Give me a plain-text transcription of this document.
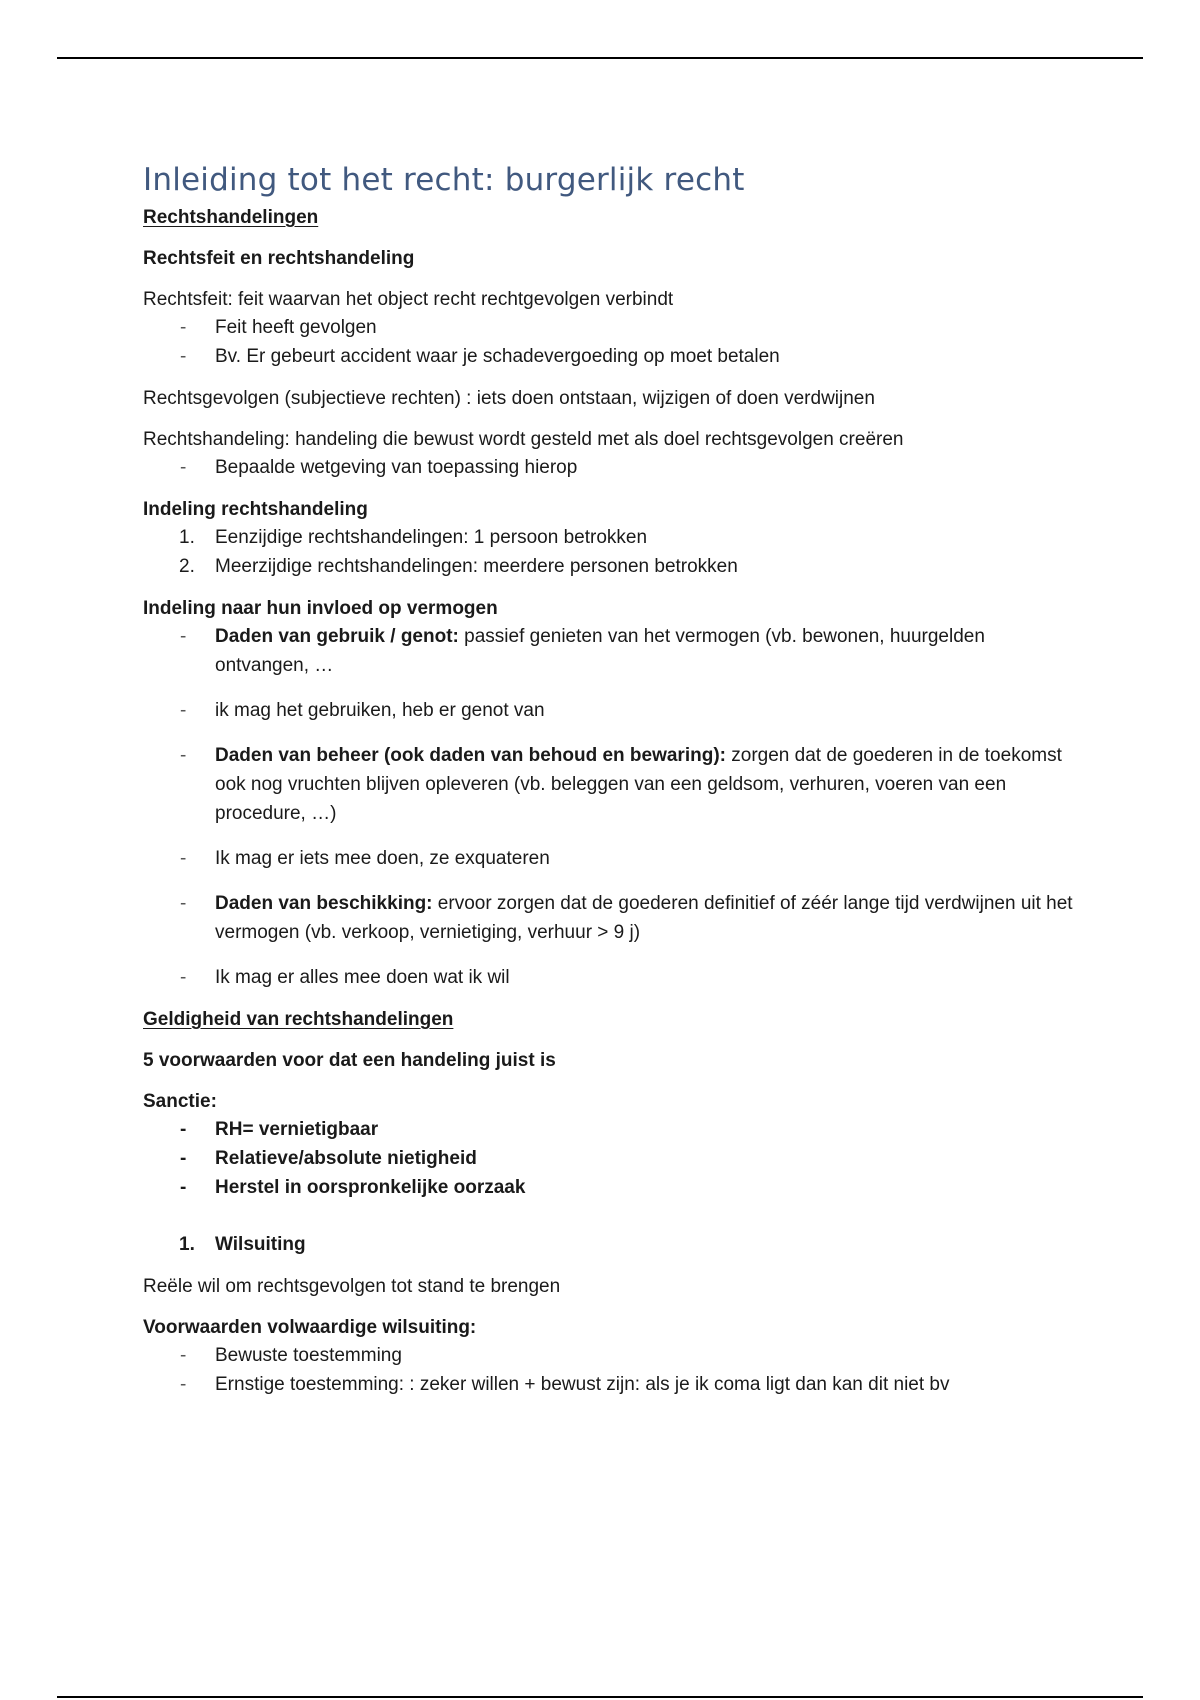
Inleiding tot het recht: burgerlijk recht

Rechtshandelingen

Rechtsfeit en rechtshandeling

Rechtsfeit: feit waarvan het object recht rechtgevolgen verbindt

- Feit heeft gevolgen
- Bv. Er gebeurt accident waar je schadevergoeding op moet betalen

Rechtsgevolgen (subjectieve rechten) : iets doen ontstaan, wijzigen of doen verdwijnen

Rechtshandeling: handeling die bewust wordt gesteld met als doel rechtsgevolgen creëren

- Bepaalde wetgeving van toepassing hierop

Indeling rechtshandeling

1. Eenzijdige rechtshandelingen: 1 persoon betrokken
2. Meerzijdige rechtshandelingen: meerdere personen betrokken

Indeling naar hun invloed op vermogen

- Daden van gebruik / genot: passief genieten van het vermogen (vb. bewonen, huurgelden ontvangen, …
- ik mag het gebruiken, heb er genot van
- Daden van beheer (ook daden van behoud en bewaring): zorgen dat de goederen in de toekomst ook nog vruchten blijven opleveren (vb. beleggen van een geldsom, verhuren, voeren van een procedure, …)
- Ik mag er iets mee doen, ze exquateren
- Daden van beschikking: ervoor zorgen dat de goederen definitief of zéér lange tijd verdwijnen uit het vermogen (vb. verkoop, vernietiging, verhuur > 9 j)
- Ik mag er alles mee doen wat ik wil

Geldigheid van rechtshandelingen

5 voorwaarden voor dat een handeling juist is

Sanctie:

- RH= vernietigbaar
- Relatieve/absolute nietigheid
- Herstel in oorspronkelijke oorzaak
1. Wilsuiting

Reële wil om rechtsgevolgen tot stand te brengen

Voorwaarden volwaardige wilsuiting:

- Bewuste toestemming
- Ernstige toestemming: : zeker willen + bewust zijn: als je ik coma ligt dan kan dit niet bv
